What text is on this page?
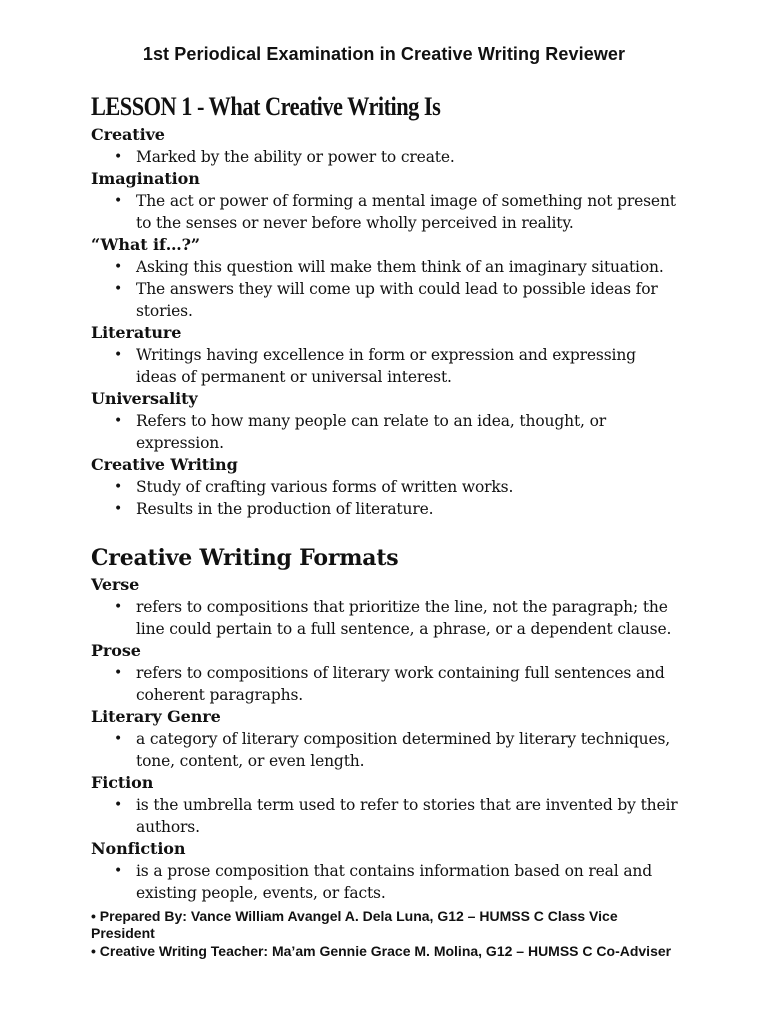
1st Periodical Examination in Creative Writing Reviewer
LESSON 1 - What Creative Writing Is
Creative
• Marked by the ability or power to create.
Imagination
• The act or power of forming a mental image of something not present to the senses or never before wholly perceived in reality.
“What if…?”
• Asking this question will make them think of an imaginary situation.
• The answers they will come up with could lead to possible ideas for stories.
Literature
• Writings having excellence in form or expression and expressing ideas of permanent or universal interest.
Universality
• Refers to how many people can relate to an idea, thought, or expression.
Creative Writing
• Study of crafting various forms of written works.
• Results in the production of literature.
Creative Writing Formats
Verse
• refers to compositions that prioritize the line, not the paragraph; the line could pertain to a full sentence, a phrase, or a dependent clause.
Prose
• refers to compositions of literary work containing full sentences and coherent paragraphs.
Literary Genre
• a category of literary composition determined by literary techniques, tone, content, or even length.
Fiction
• is the umbrella term used to refer to stories that are invented by their authors.
Nonfiction
• is a prose composition that contains information based on real and existing people, events, or facts.

• Prepared By: Vance William Avangel A. Dela Luna, G12 – HUMSS C Class Vice President

• Creative Writing Teacher: Ma’am Gennie Grace M. Molina, G12 – HUMSS C Co-Adviser
